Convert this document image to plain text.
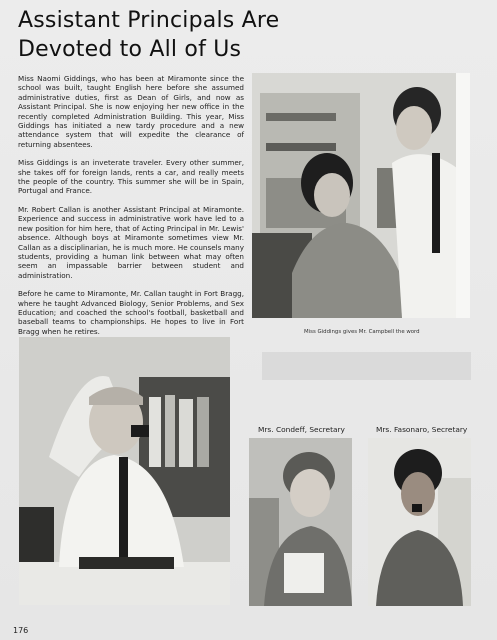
Assistant Principals Are Devoted to All of Us

Miss Naomi Giddings, who has been at Miramonte since the school was built, taught English here before she assumed administrative duties, first as Dean of Girls, and now as Assistant Principal. She is now enjoying her new office in the recently completed Administration Building. This year, Miss Giddings has initiated a new tardy procedure and a new attendance system that will expedite the clearance of returning absentees.

Miss Giddings is an inveterate traveler. Every other summer, she takes off for foreign lands, rents a car, and really meets the people of the country. This summer she will be in Spain, Portugal and France.

Mr. Robert Callan is another Assistant Principal at Miramonte. Experience and success in administrative work have led to a new position for him here, that of Acting Principal in Mr. Lewis' absence. Although boys at Miramonte sometimes view Mr. Callan as a disciplinarian, he is much more. He counsels many students, providing a human link between what may often seem an impassable barrier between student and administration.

Before he came to Miramonte, Mr. Callan taught in Fort Bragg, where he taught Advanced Biology, Senior Problems, and Sex Education; and coached the school's football, basketball and baseball teams to championships. He hopes to live in Fort Bragg when he retires.	Miss Giddings gives Mr. Campbell the word
Mrs. Condeff, Secretary	Mrs. Fasonaro, Secretary
176
